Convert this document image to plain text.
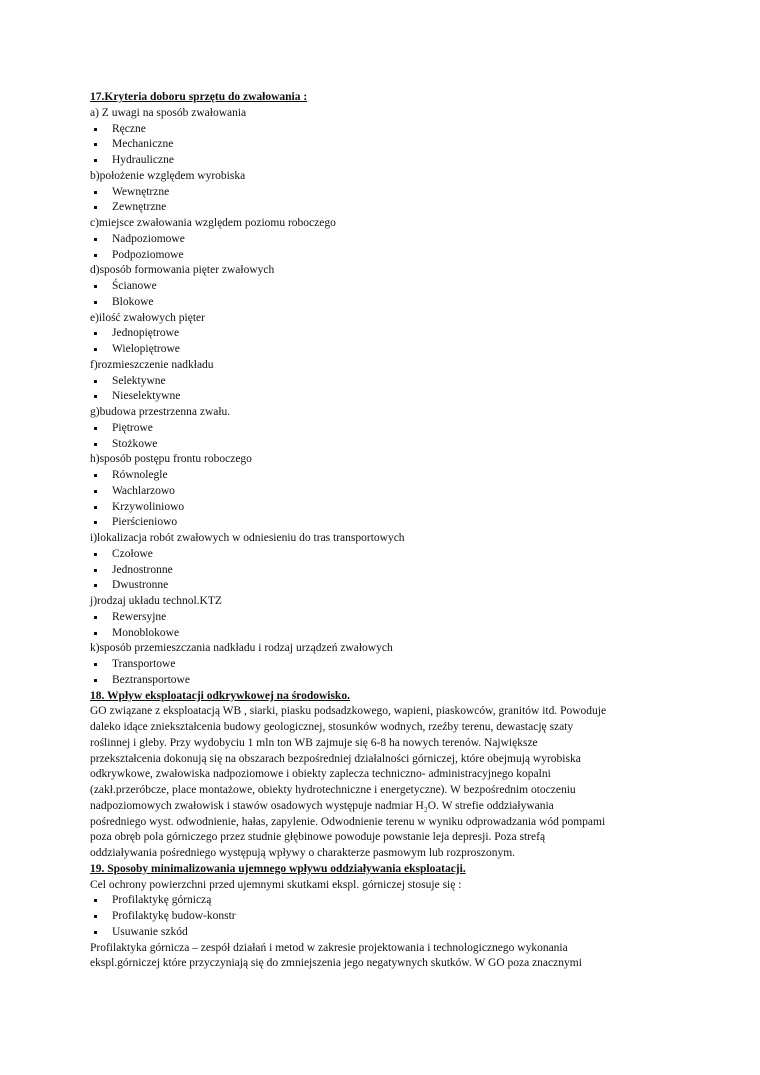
17.Kryteria doboru sprzętu do zwałowania :
a) Z uwagi na sposób zwałowania
Ręczne
Mechaniczne
Hydrauliczne
b)położenie względem wyrobiska
Wewnętrzne
Zewnętrzne
c)miejsce zwałowania względem poziomu roboczego
Nadpoziomowe
Podpoziomowe
d)sposób formowania pięter zwałowych
Ścianowe
Blokowe
e)ilość zwałowych pięter
Jednopiętrowe
Wielopiętrowe
f)rozmieszczenie nadkładu
Selektywne
Nieselektywne
g)budowa przestrzenna zwału.
Piętrowe
Stożkowe
h)sposób postępu frontu roboczego
Równolegle
Wachlarzowo
Krzywoliniowo
Pierścieniowo
i)lokalizacja robót zwałowych w odniesieniu do tras transportowych
Czołowe
Jednostronne
Dwustronne
j)rodzaj układu technol.KTZ
Rewersyjne
Monoblokowe
k)sposób przemieszczania nadkładu i rodzaj urządzeń zwałowych
Transportowe
Beztransportowe
18. Wpływ eksploatacji odkrywkowej na środowisko.
GO związane z eksploatacją WB , siarki, piasku podsadzkowego, wapieni, piaskowców, granitów itd. Powoduje
daleko idące zniekształcenia budowy geologicznej, stosunków wodnych, rzeźby terenu, dewastację szaty
roślinnej i gleby. Przy wydobyciu 1 mln ton WB zajmuje się 6-8 ha nowych terenów. Największe
przekształcenia dokonują się na obszarach bezpośredniej działalności górniczej, które obejmują wyrobiska
odkrywkowe, zwałowiska nadpoziomowe i obiekty zaplecza techniczno- administracyjnego kopalni
(zakł.przeróbcze, place montażowe, obiekty hydrotechniczne i energetyczne). W bezpośrednim otoczeniu
nadpoziomowych zwałowisk i stawów osadowych występuje nadmiar H₂O. W strefie oddziaływania
pośredniego wyst. odwodnienie, hałas, zapylenie. Odwodnienie terenu w wyniku odprowadzania wód pompami
poza obręb pola górniczego przez studnie głębinowe powoduje powstanie leja depresji. Poza strefą
oddziaływania pośredniego występują wpływy o charakterze pasmowym lub rozproszonym.
19. Sposoby minimalizowania ujemnego wpływu oddziaływania eksploatacji.
Cel ochrony powierzchni przed ujemnymi skutkami ekspl. górniczej stosuje się :
Profilaktykę górniczą
Profilaktykę budow-konstr
Usuwanie szkód
Profilaktyka górnicza – zespół działań i metod w zakresie projektowania i technologicznego wykonania
ekspl.górniczej które przyczyniają się do zmniejszenia jego negatywnych skutków. W GO poza znacznymi
